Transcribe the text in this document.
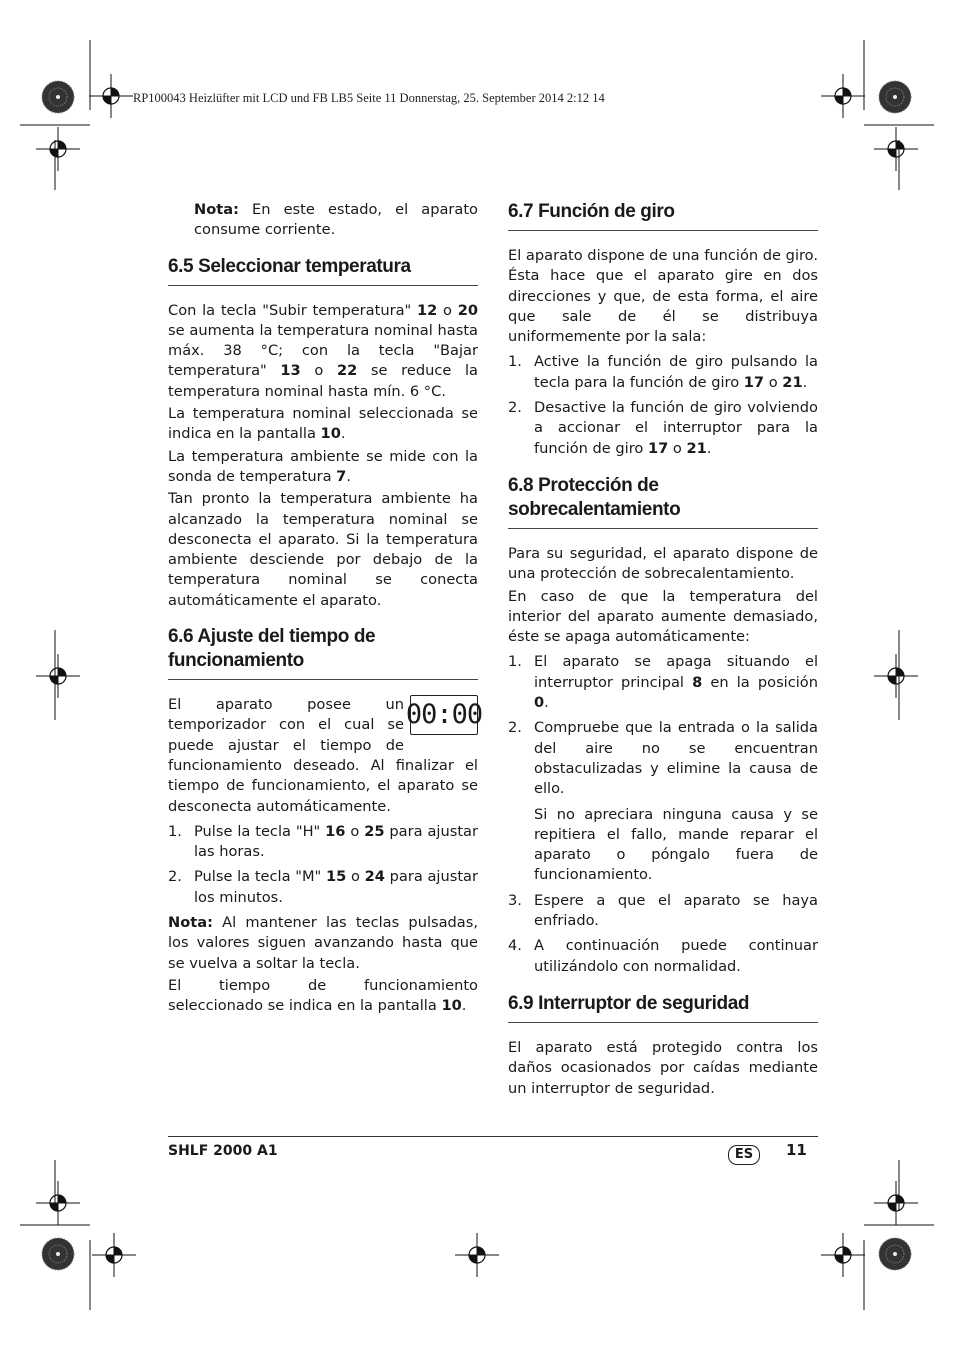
RP100043 Heizlüfter mit LCD und FB LB5 Seite 11 Donnerstag, 25. September 2014 2:12 14

Nota: En este estado, el aparato consume corriente.

6.5 Seleccionar temperatura

Con la tecla "Subir temperatura" 12 o 20 se aumenta la temperatura nominal hasta máx. 38 °C; con la tecla "Bajar temperatura" 13 o 22 se reduce la temperatura nominal hasta mín. 6 °C.

La temperatura nominal seleccionada se indica en la pantalla 10.

La temperatura ambiente se mide con la sonda de temperatura 7.

Tan pronto la temperatura ambiente ha alcanzado la temperatura nominal se desconecta el aparato. Si la temperatura ambiente desciende por debajo de la temperatura nominal se conecta automáticamente el aparato.

6.6 Ajuste del tiempo de funcionamiento
00:00

El aparato posee un temporizador con el cual se puede ajustar el tiempo de funcionamiento deseado. Al finalizar el tiempo de funcionamiento, el aparato se desconecta automáticamente.

1. Pulse la tecla "H" 16 o 25 para ajustar las horas.
2. Pulse la tecla "M" 15 o 24 para ajustar los minutos.

Nota: Al mantener las teclas pulsadas, los valores siguen avanzando hasta que se vuelva a soltar la tecla.

El tiempo de funcionamiento seleccionado se indica en la pantalla 10.

6.7 Función de giro

El aparato dispone de una función de giro. Ésta hace que el aparato gire en dos direcciones y que, de esta forma, el aire que sale de él se distribuya uniformemente por la sala:

1. Active la función de giro pulsando la tecla para la función de giro 17 o 21.
2. Desactive la función de giro volviendo a accionar el interruptor para la función de giro 17 o 21.
6.8 Protección de sobrecalentamiento

Para su seguridad, el aparato dispone de una protección de sobrecalentamiento.

En caso de que la temperatura del interior del aparato aumente demasiado, éste se apaga automáticamente:

1. El aparato se apaga situando el interruptor principal 8 en la posición 0.
2. Compruebe que la entrada o la salida del aire no se encuentran obstaculizadas y elimine la causa de ello.
Si no apreciara ninguna causa y se repitiera el fallo, mande reparar el aparato o póngalo fuera de funcionamiento.
3. Espere a que el aparato se haya enfriado.
4. A continuación puede continuar utilizándolo con normalidad.
6.9 Interruptor de seguridad

El aparato está protegido contra los daños ocasionados por caídas mediante un interruptor de seguridad.

SHLF 2000 A1	ES	11
